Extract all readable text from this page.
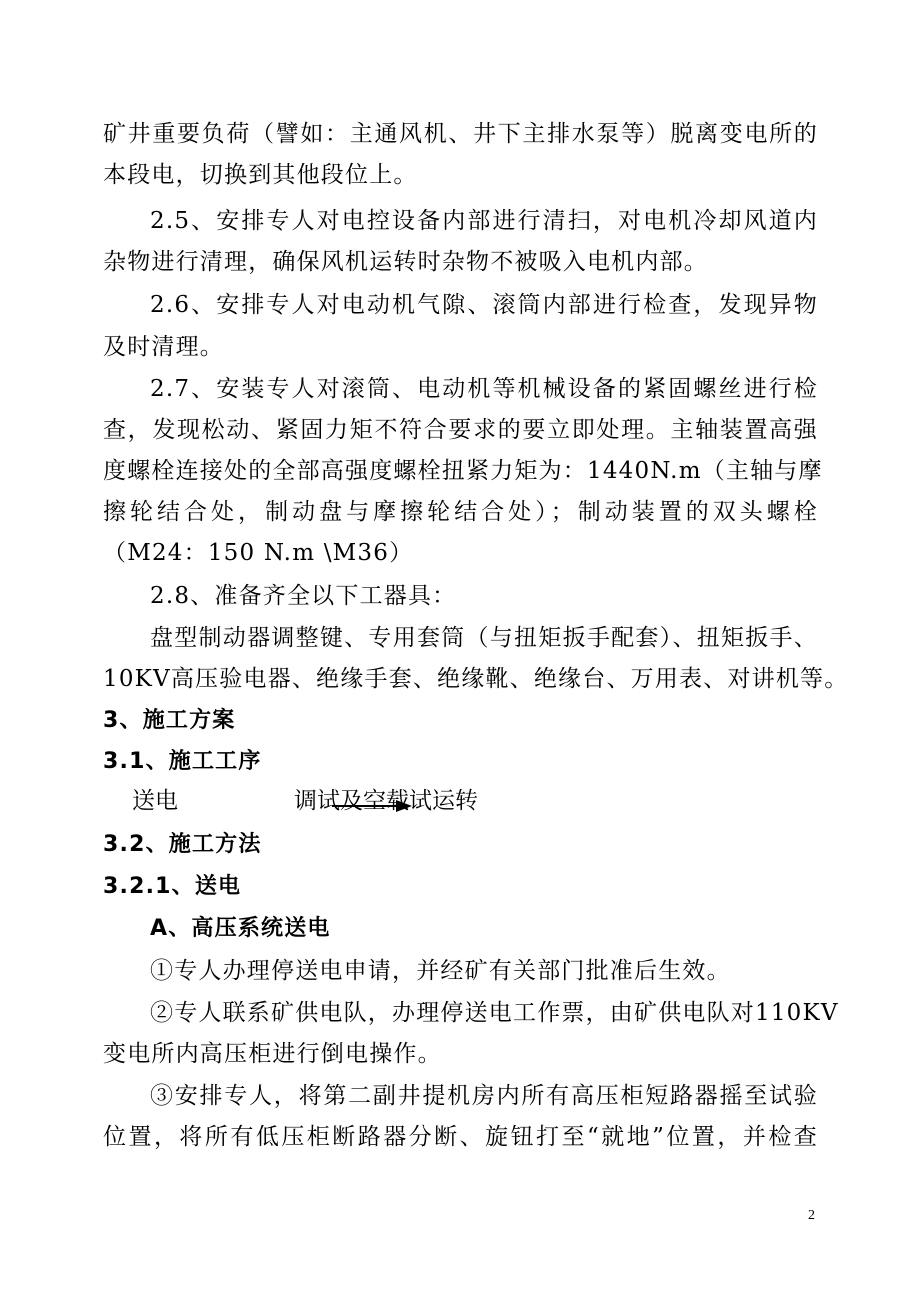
矿井重要负荷（譬如：主通风机、井下主排水泵等）脱离变电所的
本段电，切换到其他段位上。
2.5、安排专人对电控设备内部进行清扫，对电机冷却风道内
杂物进行清理，确保风机运转时杂物不被吸入电机内部。
2.6、安排专人对电动机气隙、滚筒内部进行检查，发现异物
及时清理。
2.7、安装专人对滚筒、电动机等机械设备的紧固螺丝进行检
查，发现松动、紧固力矩不符合要求的要立即处理。主轴装置高强
度螺栓连接处的全部高强度螺栓扭紧力矩为：1440N.m（主轴与摩
擦轮结合处，制动盘与摩擦轮结合处）；制动装置的双头螺栓
（M24：150 N.m \M36）
2.8、准备齐全以下工器具：
盘型制动器调整键、专用套筒（与扭矩扳手配套）、扭矩扳手、
10KV高压验电器、绝缘手套、绝缘靴、绝缘台、万用表、对讲机等。
3、施工方案
3.1、施工工序
送电	调试及空载试运转
3.2、施工方法
3.2.1、送电
A、高压系统送电
①专人办理停送电申请，并经矿有关部门批准后生效。
②专人联系矿供电队，办理停送电工作票，由矿供电队对110KV
变电所内高压柜进行倒电操作。
③安排专人，将第二副井提机房内所有高压柜短路器摇至试验
位置，将所有低压柜断路器分断、旋钮打至“就地”位置，并检查
2
